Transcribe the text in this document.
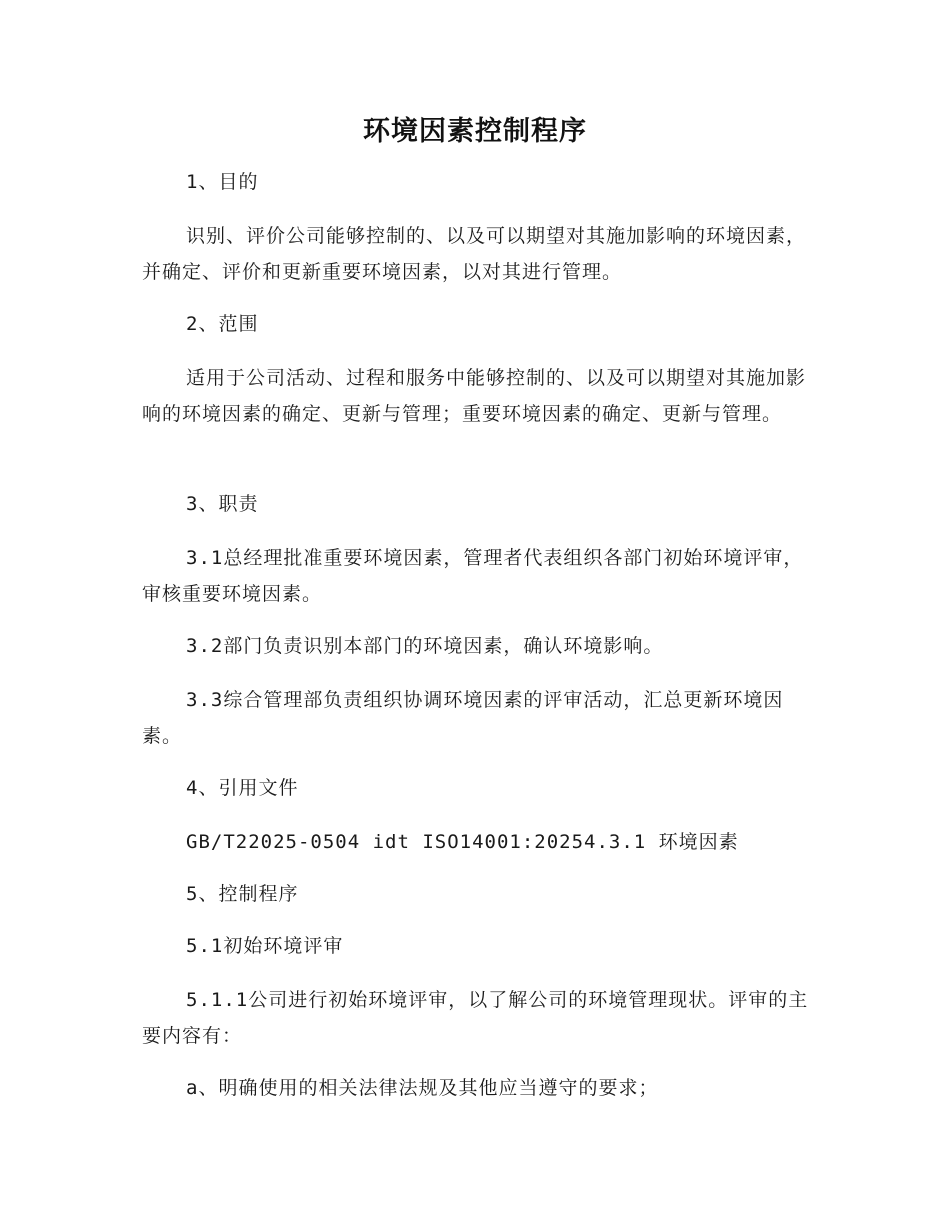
环境因素控制程序
1、目的
识别、评价公司能够控制的、以及可以期望对其施加影响的环境因素，并确定、评价和更新重要环境因素，以对其进行管理。
2、范围
适用于公司活动、过程和服务中能够控制的、以及可以期望对其施加影响的环境因素的确定、更新与管理；重要环境因素的确定、更新与管理。
3、职责
3.1总经理批准重要环境因素，管理者代表组织各部门初始环境评审，审核重要环境因素。
3.2部门负责识别本部门的环境因素，确认环境影响。
3.3综合管理部负责组织协调环境因素的评审活动，汇总更新环境因素。
4、引用文件
GB/T22025-0504 idt ISO14001:20254.3.1 环境因素
5、控制程序
5.1初始环境评审
5.1.1公司进行初始环境评审，以了解公司的环境管理现状。评审的主要内容有：
a、明确使用的相关法律法规及其他应当遵守的要求；
